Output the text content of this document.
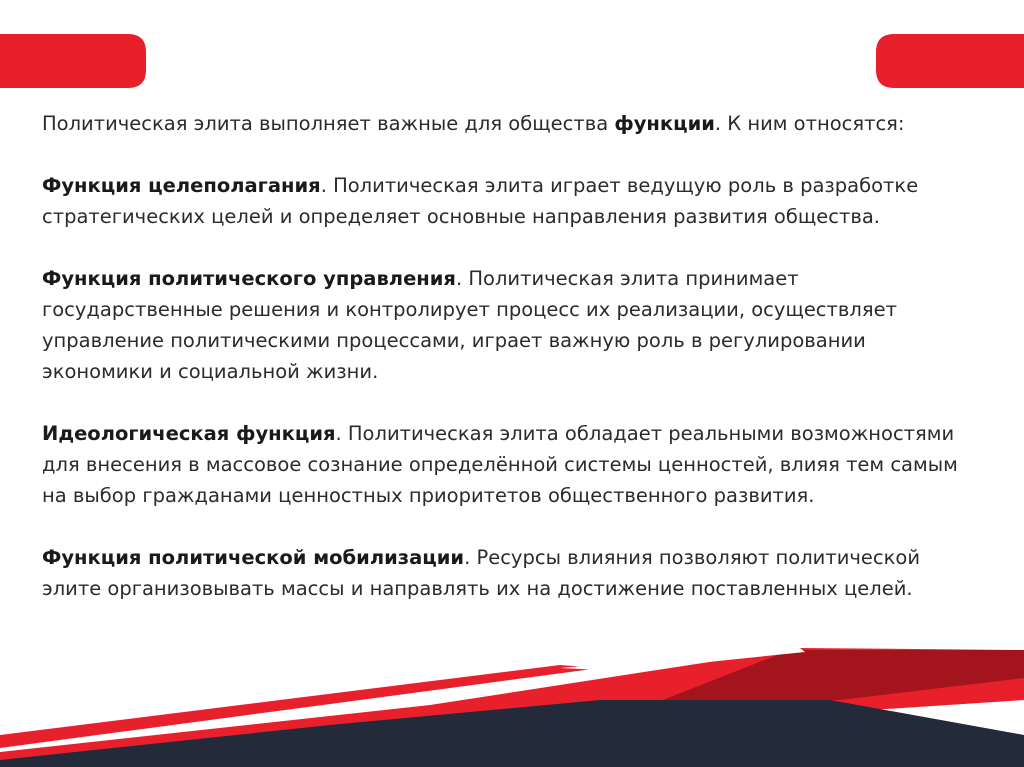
Политическая элита выполняет важные для общества функции. К ним относятся:

Функция целеполагания. Политическая элита играет ведущую роль в разработке стратегических целей и определяет основные направления развития общества.

Функция политического управления. Политическая элита принимает государственные решения и контролирует процесс их реализации, осуществляет управление политическими процессами, играет важную роль в регулировании экономики и социальной жизни.

Идеологическая функция. Политическая элита обладает реальными возможностями для внесения в массовое сознание определённой системы ценностей, влияя тем самым на выбор гражданами ценностных приоритетов общественного развития.

Функция политической мобилизации. Ресурсы влияния позволяют политической элите организовывать массы и направлять их на достижение поставленных целей.
